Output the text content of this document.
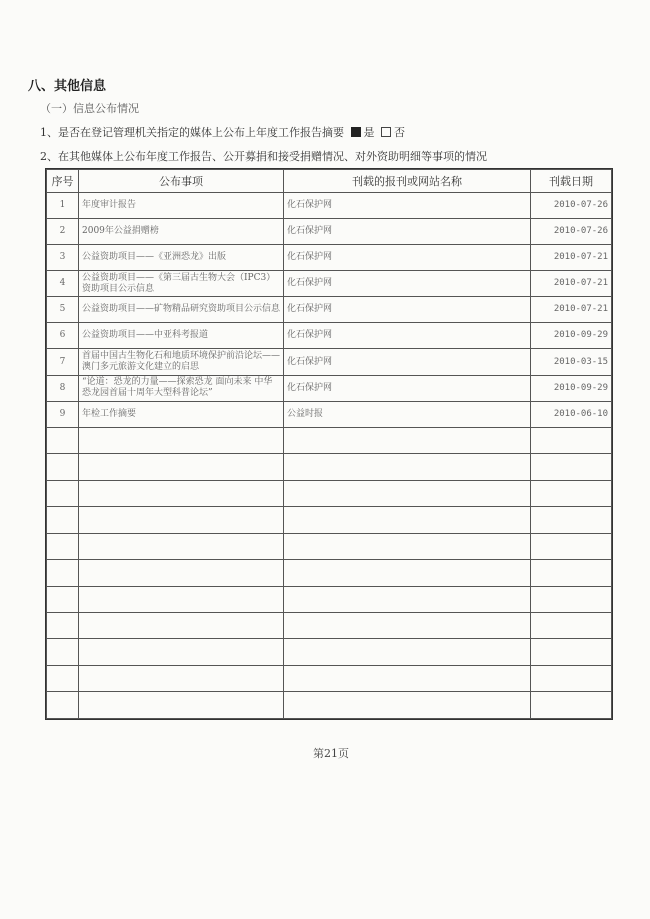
八、其他信息
（一）信息公布情况
1、是否在登记管理机关指定的媒体上公布上年度工作报告摘要 是 否
2、在其他媒体上公布年度工作报告、公开募捐和接受捐赠情况、对外资助明细等事项的情况
序号	公布事项	刊载的报刊或网站名称	刊载日期
1	年度审计报告	化石保护网	2010-07-26
2	2009年公益捐赠榜	化石保护网	2010-07-26
3	公益资助项目——《亚洲恐龙》出版	化石保护网	2010-07-21
4	公益资助项目——《第三届古生物大会（IPC3）资助项目公示信息	化石保护网	2010-07-21
5	公益资助项目——矿物精品研究资助项目公示信息	化石保护网	2010-07-21
6	公益资助项目——中亚科考报道	化石保护网	2010-09-29
7	首届中国古生物化石和地质环境保护前沿论坛——澳门多元旅游文化建立的启思	化石保护网	2010-03-15
8	“论道：恐龙的力量——探索恐龙 面向未来 中华恐龙园首届十周年大型科普论坛”	化石保护网	2010-09-29
9	年检工作摘要	公益时报	2010-06-10

第21页
